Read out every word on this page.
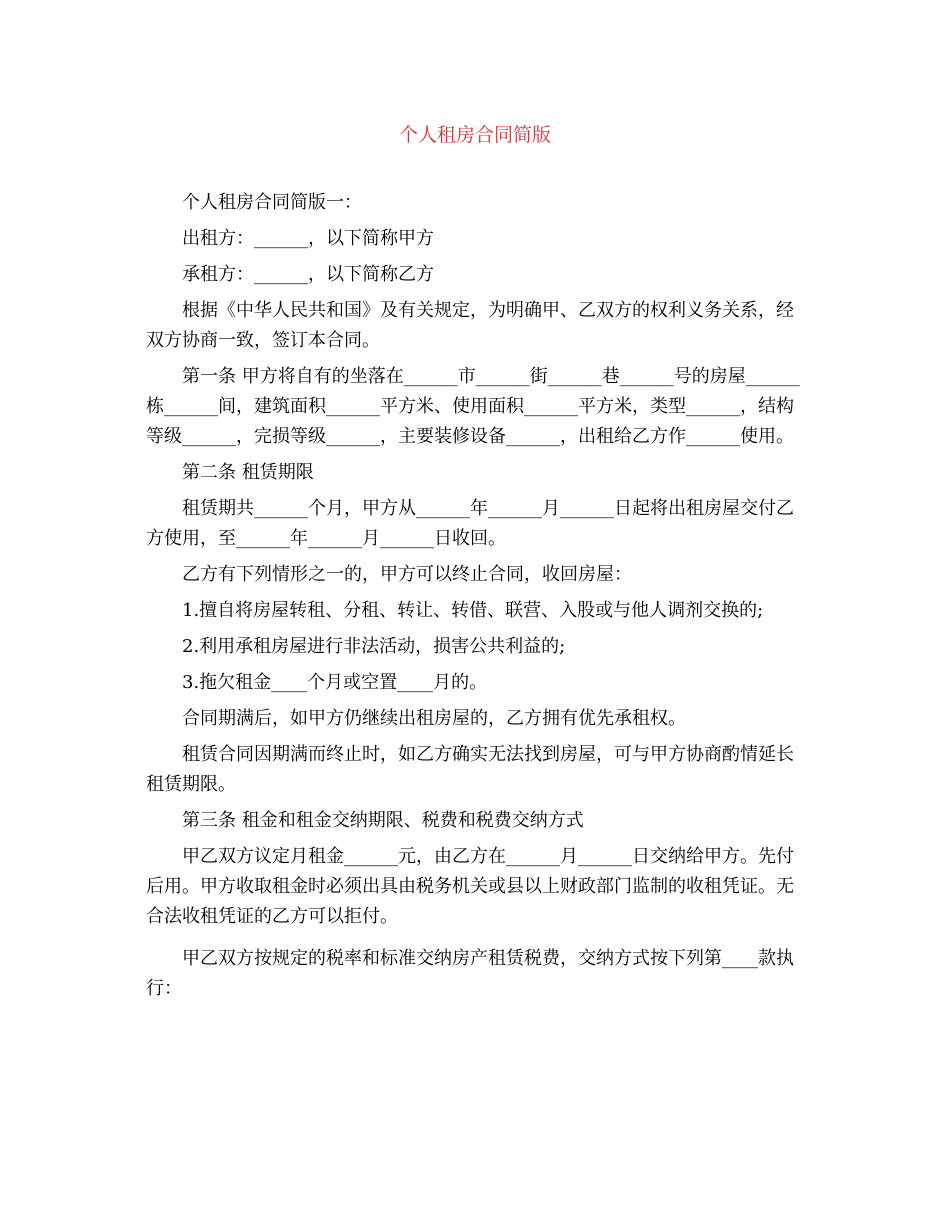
个人租房合同简版

个人租房合同简版一：

出租方：______，以下简称甲方

承租方：______，以下简称乙方

根据《中华人民共和国》及有关规定，为明确甲、乙双方的权利义务关系，经双方协商一致，签订本合同。

第一条 甲方将自有的坐落在______市______街______巷______号的房屋______栋______间，建筑面积______平方米、使用面积______平方米，类型______，结构等级______，完损等级______，主要装修设备______，出租给乙方作______使用。

第二条 租赁期限

租赁期共______个月，甲方从______年______月______日起将出租房屋交付乙方使用，至______年______月______日收回。

乙方有下列情形之一的，甲方可以终止合同，收回房屋：

1.擅自将房屋转租、分租、转让、转借、联营、入股或与他人调剂交换的;

2.利用承租房屋进行非法活动，损害公共利益的;

3.拖欠租金____个月或空置____月的。

合同期满后，如甲方仍继续出租房屋的，乙方拥有优先承租权。

租赁合同因期满而终止时，如乙方确实无法找到房屋，可与甲方协商酌情延长租赁期限。

第三条 租金和租金交纳期限、税费和税费交纳方式

甲乙双方议定月租金______元，由乙方在______月______日交纳给甲方。先付后用。甲方收取租金时必须出具由税务机关或县以上财政部门监制的收租凭证。无合法收租凭证的乙方可以拒付。

甲乙双方按规定的税率和标准交纳房产租赁税费，交纳方式按下列第____款执行：
